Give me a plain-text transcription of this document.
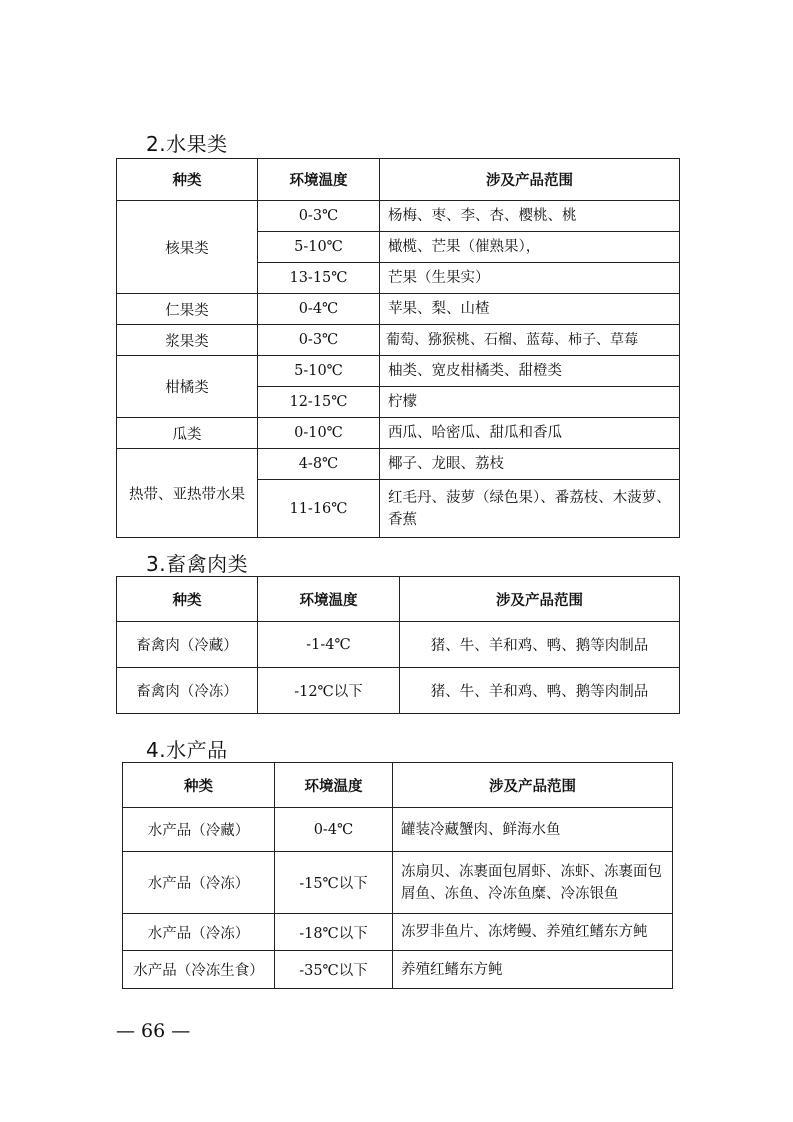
2.水果类
种类	环境温度	涉及产品范围
核果类	0-3℃	杨梅、枣、李、杏、樱桃、桃
	5-10℃	橄榄、芒果（催熟果），
	13-15℃	芒果（生果实）
仁果类	0-4℃	苹果、梨、山楂
浆果类	0-3℃	葡萄、猕猴桃、石榴、蓝莓、柿子、草莓
柑橘类	5-10℃	柚类、宽皮柑橘类、甜橙类
	12-15℃	柠檬
瓜类	0-10℃	西瓜、哈密瓜、甜瓜和香瓜
热带、亚热带水果	4-8℃	椰子、龙眼、荔枝
	11-16℃	红毛丹、菠萝（绿色果）、番荔枝、木菠萝、香蕉
3.畜禽肉类
种类	环境温度	涉及产品范围
畜禽肉（冷藏）	-1-4℃	猪、牛、羊和鸡、鸭、鹅等肉制品
畜禽肉（冷冻）	-12℃以下	猪、牛、羊和鸡、鸭、鹅等肉制品
4.水产品
种类	环境温度	涉及产品范围
水产品（冷藏）	0-4℃	罐装冷藏蟹肉、鲜海水鱼
水产品（冷冻）	-15℃以下	冻扇贝、冻裹面包屑虾、冻虾、冻裹面包屑鱼、冻鱼、冷冻鱼糜、冷冻银鱼
水产品（冷冻）	-18℃以下	冻罗非鱼片、冻烤鳗、养殖红鳍东方鲀
水产品（冷冻生食）	-35℃以下	养殖红鳍东方鲀
— 66 —
